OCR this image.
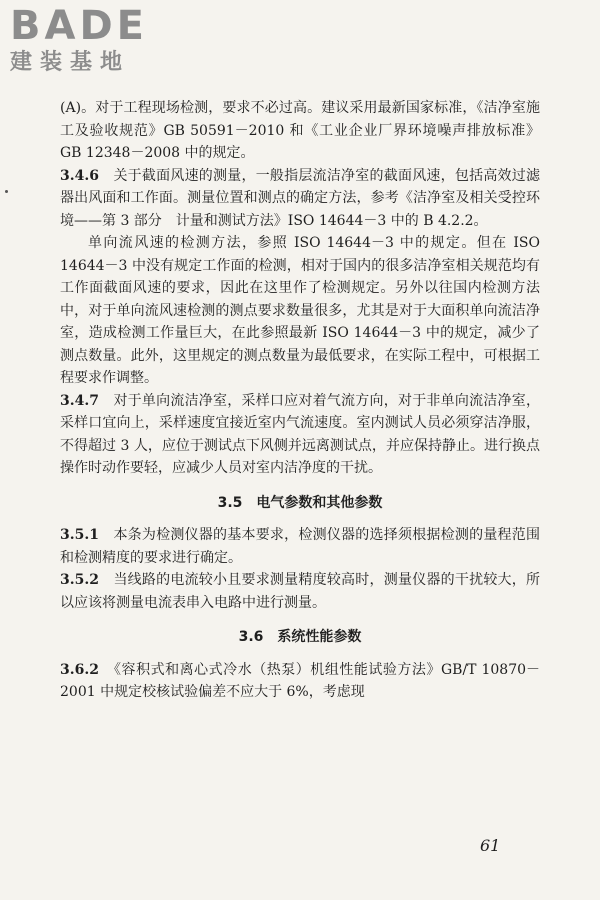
BADE
建装基地

(A)。对于工程现场检测，要求不必过高。建议采用最新国家标准，《洁净室施工及验收规范》GB 50591－2010 和《工业企业厂界环境噪声排放标准》GB 12348－2008 中的规定。

3.4.6　 关于截面风速的测量，一般指层流洁净室的截面风速，包括高效过滤器出风面和工作面。测量位置和测点的确定方法，参考《洁净室及相关受控环境——第 3 部分　计量和测试方法》ISO 14644－3 中的 B 4.2.2。

单向流风速的检测方法，参照 ISO 14644－3 中的规定。但在 ISO 14644－3 中没有规定工作面的检测，相对于国内的很多洁净室相关规范均有工作面截面风速的要求，因此在这里作了检测规定。另外以往国内检测方法中，对于单向流风速检测的测点要求数量很多，尤其是对于大面积单向流洁净室，造成检测工作量巨大，在此参照最新 ISO 14644－3 中的规定，减少了测点数量。此外，这里规定的测点数量为最低要求，在实际工程中，可根据工程要求作调整。

3.4.7　 对于单向流洁净室，采样口应对着气流方向，对于非单向流洁净室，采样口宜向上，采样速度宜接近室内气流速度。室内测试人员必须穿洁净服，不得超过 3 人，应位于测试点下风侧并远离测试点，并应保持静止。进行换点操作时动作要轻，应减少人员对室内洁净度的干扰。

3.5　电气参数和其他参数

3.5.1　 本条为检测仪器的基本要求，检测仪器的选择须根据检测的量程范围和检测精度的要求进行确定。

3.5.2　 当线路的电流较小且要求测量精度较高时，测量仪器的干扰较大，所以应该将测量电流表串入电路中进行测量。

3.6　系统性能参数

3.6.2　 《容积式和离心式冷水（热泵）机组性能试验方法》GB/T 10870－2001 中规定校核试验偏差不应大于 6%，考虑现

61
